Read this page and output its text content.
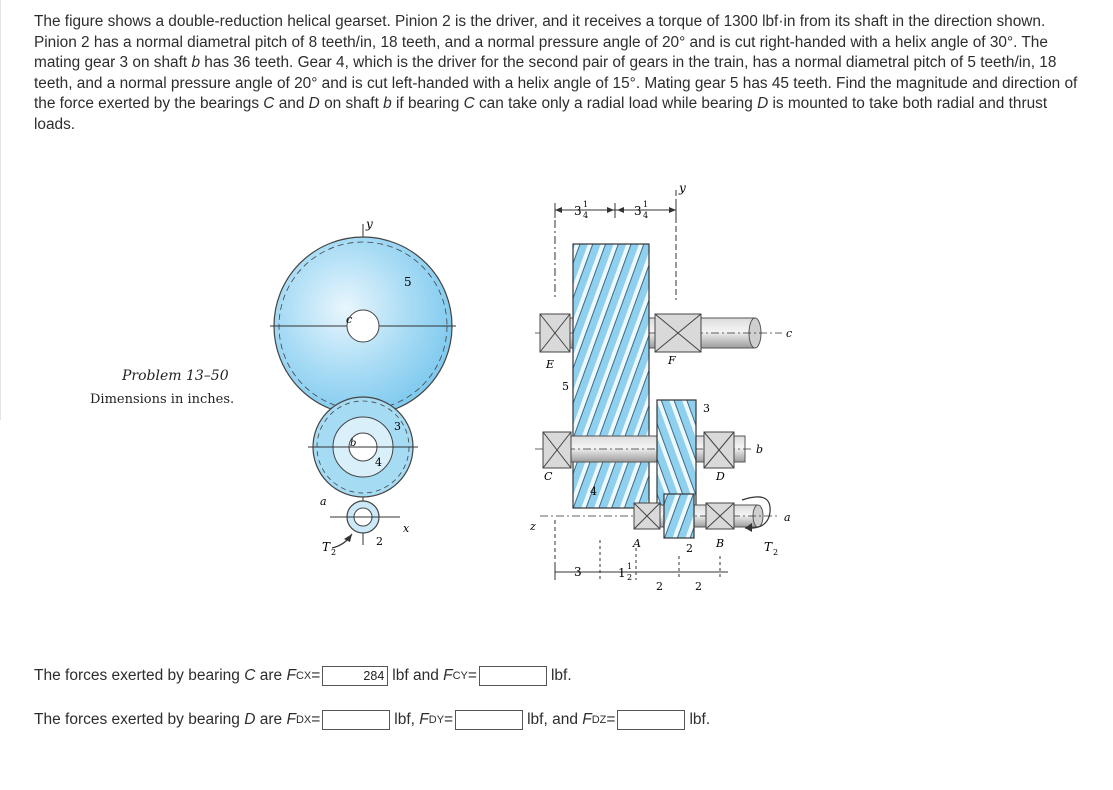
The figure shows a double-reduction helical gearset. Pinion 2 is the driver, and it receives a torque of 1300 lbf·in from its shaft in the direction shown. Pinion 2 has a normal diametral pitch of 8 teeth/in, 18 teeth, and a normal pressure angle of 20° and is cut right-handed with a helix angle of 30°. The mating gear 3 on shaft b has 36 teeth. Gear 4, which is the driver for the second pair of gears in the train, has a normal diametral pitch of 5 teeth/in, 18 teeth, and a normal pressure angle of 20° and is cut left-handed with a helix angle of 15°. Mating gear 5 has 45 teeth. Find the magnitude and direction of the force exerted by the bearings C and D on shaft b if bearing C can take only a radial load while bearing D is mounted to take both radial and thrust loads.
Problem 13–50
Dimensions in inches.
y
c
5
b
3
4
x
a
2
T 2
z
3 1
4	3 1
4
y
c
E
5
F
b
C
4
3
D
a
A	2 B	T 2
3	1 1
2
2	2
The forces exerted by bearing
C
are
F CX =	284 lbf and
F CY =	lbf.
The forces exerted by bearing
D
are
F DX =	lbf,
F DY =	lbf, and
F DZ =	lbf.
